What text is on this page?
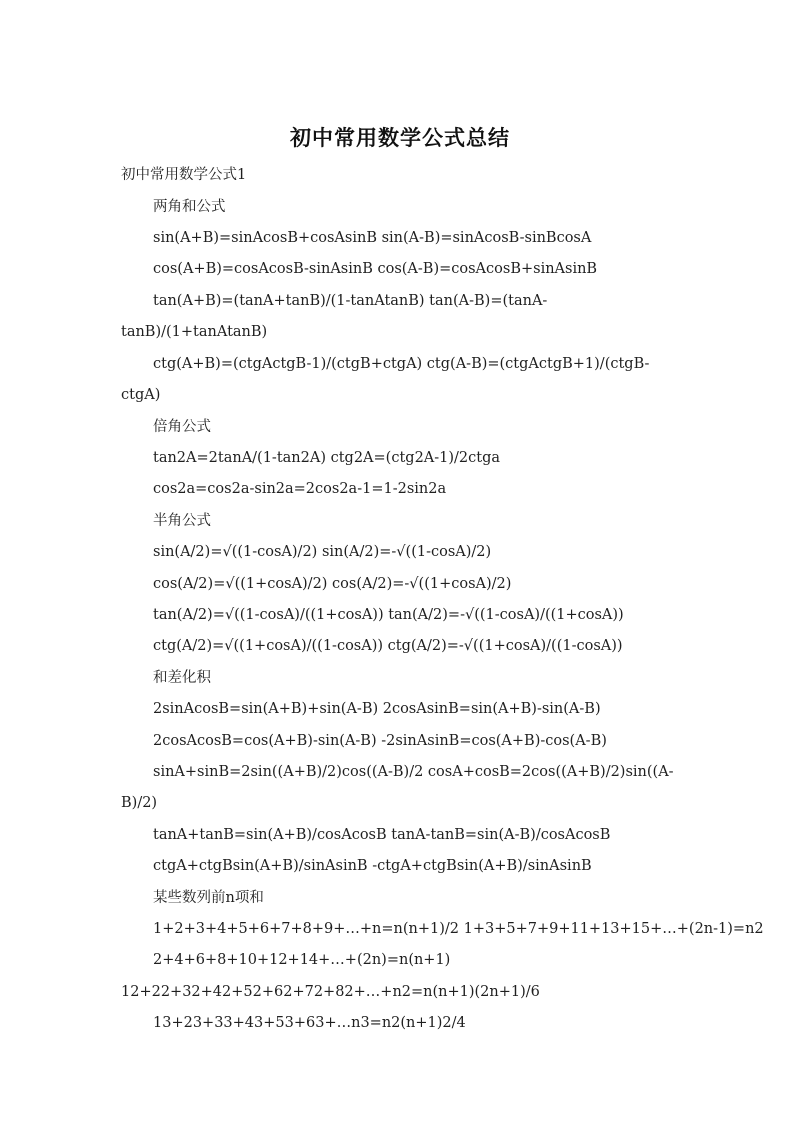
初中常用数学公式总结
初中常用数学公式1
两角和公式
sin(A+B)=sinAcosB+cosAsinB sin(A-B)=sinAcosB-sinBcosA
cos(A+B)=cosAcosB-sinAsinB cos(A-B)=cosAcosB+sinAsinB
tan(A+B)=(tanA+tanB)/(1-tanAtanB) tan(A-B)=(tanA-
tanB)/(1+tanAtanB)
ctg(A+B)=(ctgActgB-1)/(ctgB+ctgA) ctg(A-B)=(ctgActgB+1)/(ctgB-
ctgA)
倍角公式
tan2A=2tanA/(1-tan2A) ctg2A=(ctg2A-1)/2ctga
cos2a=cos2a-sin2a=2cos2a-1=1-2sin2a
半角公式
sin(A/2)=√((1-cosA)/2) sin(A/2)=-√((1-cosA)/2)
cos(A/2)=√((1+cosA)/2) cos(A/2)=-√((1+cosA)/2)
tan(A/2)=√((1-cosA)/((1+cosA)) tan(A/2)=-√((1-cosA)/((1+cosA))
ctg(A/2)=√((1+cosA)/((1-cosA)) ctg(A/2)=-√((1+cosA)/((1-cosA))
和差化积
2sinAcosB=sin(A+B)+sin(A-B) 2cosAsinB=sin(A+B)-sin(A-B)
2cosAcosB=cos(A+B)-sin(A-B) -2sinAsinB=cos(A+B)-cos(A-B)
sinA+sinB=2sin((A+B)/2)cos((A-B)/2 cosA+cosB=2cos((A+B)/2)sin((A-
B)/2)
tanA+tanB=sin(A+B)/cosAcosB tanA-tanB=sin(A-B)/cosAcosB
ctgA+ctgBsin(A+B)/sinAsinB -ctgA+ctgBsin(A+B)/sinAsinB
某些数列前n项和
1+2+3+4+5+6+7+8+9+…+n=n(n+1)/2 1+3+5+7+9+11+13+15+…+(2n-1)=n2
2+4+6+8+10+12+14+…+(2n)=n(n+1)
12+22+32+42+52+62+72+82+…+n2=n(n+1)(2n+1)/6
13+23+33+43+53+63+…n3=n2(n+1)2/4
